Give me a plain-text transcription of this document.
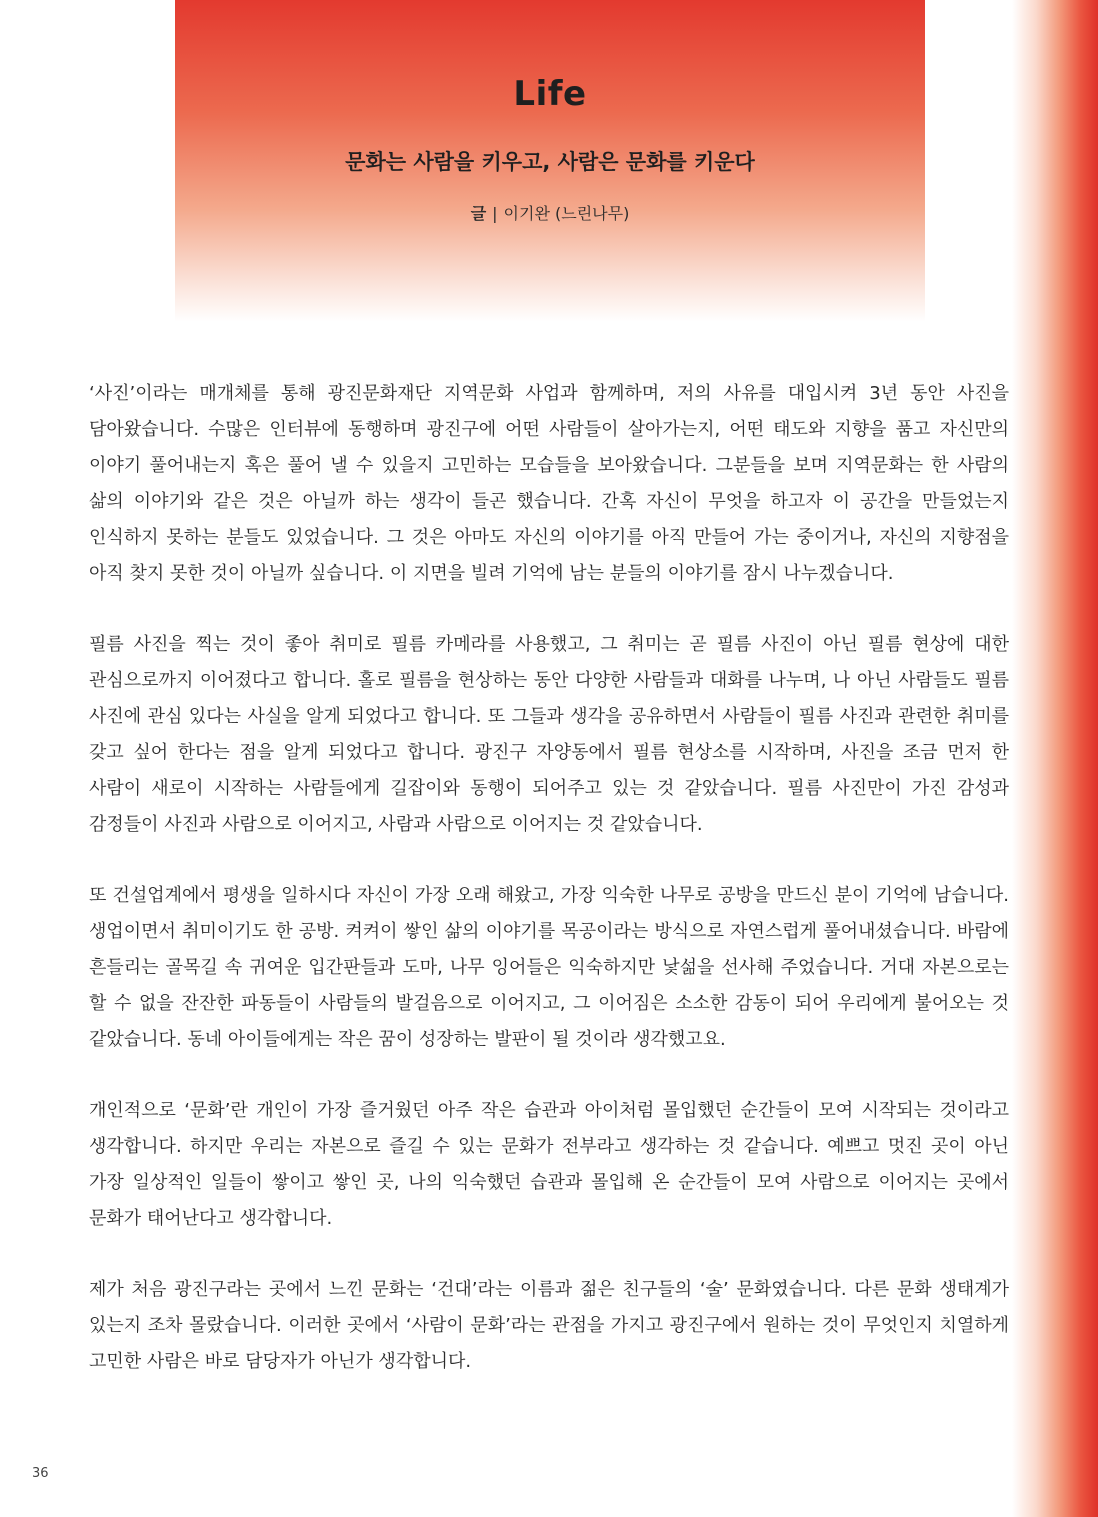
Life
문화는 사람을 키우고, 사람은 문화를 키운다
글 | 이기완 (느린나무)

‘사진’이라는 매개체를 통해 광진문화재단 지역문화 사업과 함께하며, 저의 사유를 대입시켜 3년 동안 사진을 담아왔습니다. 수많은 인터뷰에 동행하며 광진구에 어떤 사람들이 살아가는지, 어떤 태도와 지향을 품고 자신만의 이야기 풀어내는지 혹은 풀어 낼 수 있을지 고민하는 모습들을 보아왔습니다. 그분들을 보며 지역문화는 한 사람의 삶의 이야기와 같은 것은 아닐까 하는 생각이 들곤 했습니다. 간혹 자신이 무엇을 하고자 이 공간을 만들었는지 인식하지 못하는 분들도 있었습니다. 그 것은 아마도 자신의 이야기를 아직 만들어 가는 중이거나, 자신의 지향점을 아직 찾지 못한 것이 아닐까 싶습니다. 이 지면을 빌려 기억에 남는 분들의 이야기를 잠시 나누겠습니다.

필름 사진을 찍는 것이 좋아 취미로 필름 카메라를 사용했고, 그 취미는 곧 필름 사진이 아닌 필름 현상에 대한 관심으로까지 이어졌다고 합니다. 홀로 필름을 현상하는 동안 다양한 사람들과 대화를 나누며, 나 아닌 사람들도 필름 사진에 관심 있다는 사실을 알게 되었다고 합니다. 또 그들과 생각을 공유하면서 사람들이 필름 사진과 관련한 취미를 갖고 싶어 한다는 점을 알게 되었다고 합니다. 광진구 자양동에서 필름 현상소를 시작하며, 사진을 조금 먼저 한 사람이 새로이 시작하는 사람들에게 길잡이와 동행이 되어주고 있는 것 같았습니다. 필름 사진만이 가진 감성과 감정들이 사진과 사람으로 이어지고, 사람과 사람으로 이어지는 것 같았습니다.

또 건설업계에서 평생을 일하시다 자신이 가장 오래 해왔고, 가장 익숙한 나무로 공방을 만드신 분이 기억에 남습니다. 생업이면서 취미이기도 한 공방. 켜켜이 쌓인 삶의 이야기를 목공이라는 방식으로 자연스럽게 풀어내셨습니다. 바람에 흔들리는 골목길 속 귀여운 입간판들과 도마, 나무 잉어들은 익숙하지만 낯섦을 선사해 주었습니다. 거대 자본으로는 할 수 없을 잔잔한 파동들이 사람들의 발걸음으로 이어지고, 그 이어짐은 소소한 감동이 되어 우리에게 불어오는 것 같았습니다. 동네 아이들에게는 작은 꿈이 성장하는 발판이 될 것이라 생각했고요.

개인적으로 ‘문화’란 개인이 가장 즐거웠던 아주 작은 습관과 아이처럼 몰입했던 순간들이 모여 시작되는 것이라고 생각합니다. 하지만 우리는 자본으로 즐길 수 있는 문화가 전부라고 생각하는 것 같습니다. 예쁘고 멋진 곳이 아닌 가장 일상적인 일들이 쌓이고 쌓인 곳, 나의 익숙했던 습관과 몰입해 온 순간들이 모여 사람으로 이어지는 곳에서 문화가 태어난다고 생각합니다.

제가 처음 광진구라는 곳에서 느낀 문화는 ‘건대’라는 이름과 젊은 친구들의 ‘술’ 문화였습니다. 다른 문화 생태계가 있는지 조차 몰랐습니다. 이러한 곳에서 ‘사람이 문화’라는 관점을 가지고 광진구에서 원하는 것이 무엇인지 치열하게 고민한 사람은 바로 담당자가 아닌가 생각합니다.

36
